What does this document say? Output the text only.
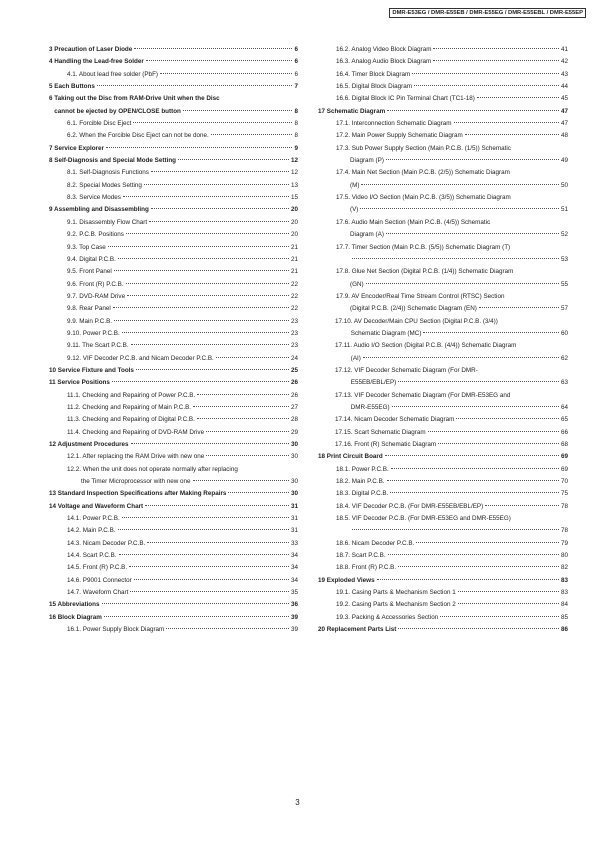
DMR-E53EG / DMR-E55EB / DMR-E55EG / DMR-E55EBL / DMR-E55EP
3 Precaution of Laser Diode	6
4 Handling the Lead-free Solder	6
4.1. About lead free solder (PbF)	6
5 Each Buttons	7
6 Taking out the Disc from RAM-Drive Unit when the Disc
cannot be ejected by OPEN/CLOSE button	8
6.1. Forcible Disc Eject	8
6.2. When the Forcible Disc Eject can not be done.	8
7 Service Explorer	9
8 Self-Diagnosis and Special Mode Setting	12
8.1. Self-Diagnosis Functions	12
8.2. Special Modes Setting	13
8.3. Service Modes	15
9 Assembling and Disassembling	20
9.1. Disassembly Flow Chart	20
9.2. P.C.B. Positions	20
9.3. Top Case	21
9.4. Digital P.C.B.	21
9.5. Front Panel	21
9.6. Front (R) P.C.B.	22
9.7. DVD-RAM Drive	22
9.8. Rear Panel	22
9.9. Main P.C.B.	23
9.10. Power P.C.B.	23
9.11. The Scart P.C.B.	23
9.12. VIF Decoder P.C.B. and Nicam Decoder P.C.B.	24
10 Service Fixture and Tools	25
11 Service Positions	26
11.1. Checking and Repairing of Power P.C.B.	26
11.2. Checking and Repairing of Main P.C.B.	27
11.3. Checking and Repairing of Digital P.C.B.	28
11.4. Checking and Repairing of DVD-RAM Drive	29
12 Adjustment Procedures	30
12.1. After replacing the RAM Drive with new one	30
12.2. When the unit does not operate normally after replacing
the Timer Microprocessor with new one	30
13 Standard Inspection Specifications after Making Repairs	30
14 Voltage and Waveform Chart	31
14.1. Power P.C.B.	31
14.2. Main P.C.B.	31
14.3. Nicam Decoder P.C.B.	33
14.4. Scart P.C.B.	34
14.5. Front (R) P.C.B.	34
14.6. P9001 Connector	34
14.7. Waveform Chart	35
15 Abbreviations	36
16 Block Diagram	39
16.1. Power Supply Block Diagram	39
16.2. Analog Video Block Diagram	41
16.3. Analog Audio Block Diagram	42
16.4. Timer Block Diagram	43
16.5. Digital Block Diagram	44
16.6. Digital Block IC Pin Terminal Chart (TC1-18)	45
17 Schematic Diagram	47
17.1. Interconnection Schematic Diagram	47
17.2. Main Power Supply Schematic Diagram	48
17.3. Sub Power Supply Section (Main P.C.B. (1/5)) Schematic
Diagram (P)	49
17.4. Main Net Section (Main P.C.B. (2/5)) Schematic Diagram
(M)	50
17.5. Video I/O Section (Main P.C.B. (3/5)) Schematic Diagram
(V)	51
17.6. Audio Main Section (Main P.C.B. (4/5)) Schematic
Diagram (A)	52
17.7. Timer Section (Main P.C.B. (5/5)) Schematic Diagram (T)

53
17.8. Glue Net Section (Digital P.C.B. (1/4)) Schematic Diagram
(GN)	55
17.9. AV Encoder/Real Time Stream Control (RTSC) Section
(Digital P.C.B. (2/4)) Schematic Diagram (EN)	57
17.10. AV Decoder/Main CPU Section (Digital P.C.B. (3/4))
Schematic Diagram (MC)	60
17.11. Audio I/O Section (Digital P.C.B. (4/4)) Schematic Diagram
(AI)	62
17.12. VIF Decoder Schematic Diagram (For DMR-
E55EB/EBL/EP)	63
17.13. VIF Decoder Schematic Diagram (For DMR-E53EG and
DMR-E55EG)	64
17.14. Nicam Decoder Schematic Diagram	65
17.15. Scart Schematic Diagram	66
17.16. Front (R) Schematic Diagram	68
18 Print Circuit Board	69
18.1. Power P.C.B.	69
18.2. Main P.C.B.	70
18.3. Digital P.C.B.	75
18.4. VIF Decoder P.C.B. (For DMR-E55EB/EBL/EP)	78
18.5. VIF Decoder P.C.B. (For DMR-E53EG and DMR-E55EG)

78
18.6. Nicam Decoder P.C.B.	79
18.7. Scart P.C.B.	80
18.8. Front (R) P.C.B.	82
19 Exploded Views	83
19.1. Casing Parts & Mechanism Section 1	83
19.2. Casing Parts & Mechanism Section 2	84
19.3. Packing & Accessories Section	85
20 Replacement Parts List	86
3
